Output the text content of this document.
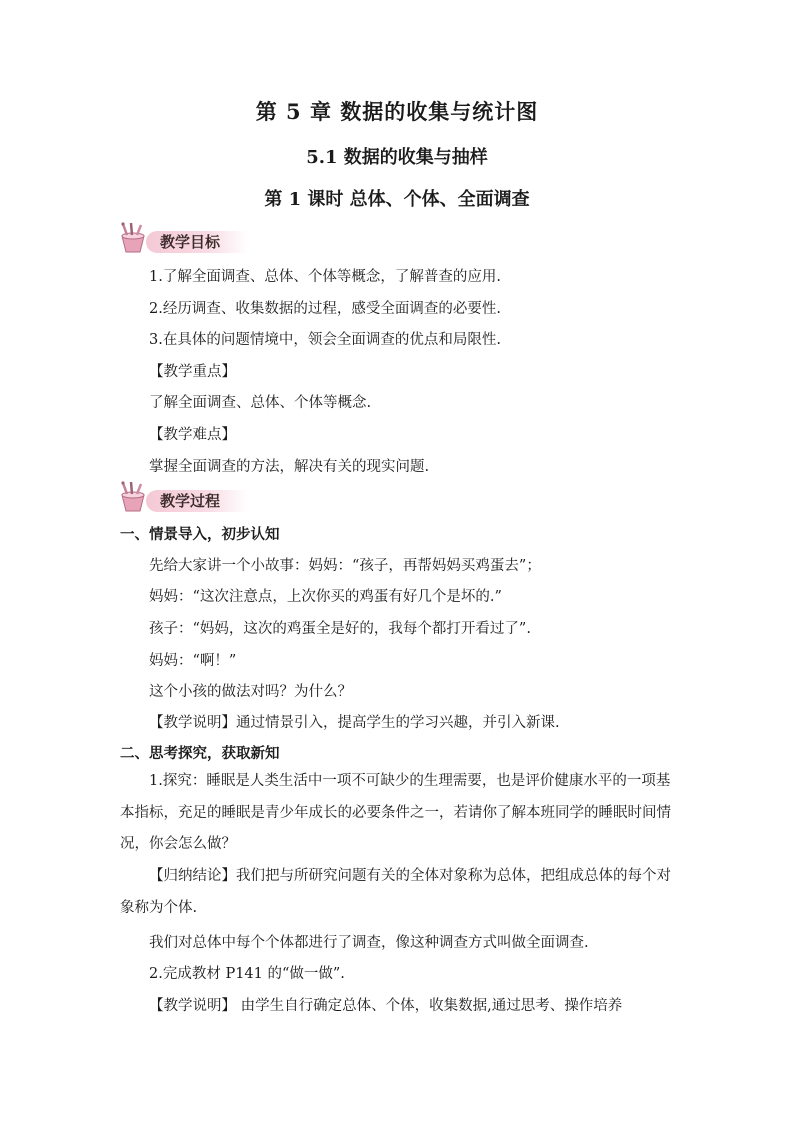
第 5 章 数据的收集与统计图
5.1 数据的收集与抽样
第 1 课时 总体、个体、全面调查
教学目标
1.了解全面调查、总体、个体等概念，了解普查的应用.
2.经历调查、收集数据的过程，感受全面调查的必要性.
3.在具体的问题情境中，领会全面调查的优点和局限性.
【教学重点】
了解全面调查、总体、个体等概念.
【教学难点】
掌握全面调查的方法，解决有关的现实问题.
教学过程
一、情景导入，初步认知
先给大家讲一个小故事：妈妈：“孩子，再帮妈妈买鸡蛋去”；
妈妈：“这次注意点，上次你买的鸡蛋有好几个是坏的.”
孩子：“妈妈，这次的鸡蛋全是好的，我每个都打开看过了”.
妈妈：“啊！”
这个小孩的做法对吗？为什么？
【教学说明】通过情景引入，提高学生的学习兴趣，并引入新课.
二、思考探究，获取新知
1.探究：睡眠是人类生活中一项不可缺少的生理需要，也是评价健康水平的一项基本指标，充足的睡眠是青少年成长的必要条件之一，若请你了解本班同学的睡眠时间情况，你会怎么做？
【归纳结论】我们把与所研究问题有关的全体对象称为总体，把组成总体的每个对象称为个体.
我们对总体中每个个体都进行了调查，像这种调查方式叫做全面调查.
2.完成教材 P141 的“做一做”.
【教学说明】 由学生自行确定总体、个体，收集数据,通过思考、操作培养
